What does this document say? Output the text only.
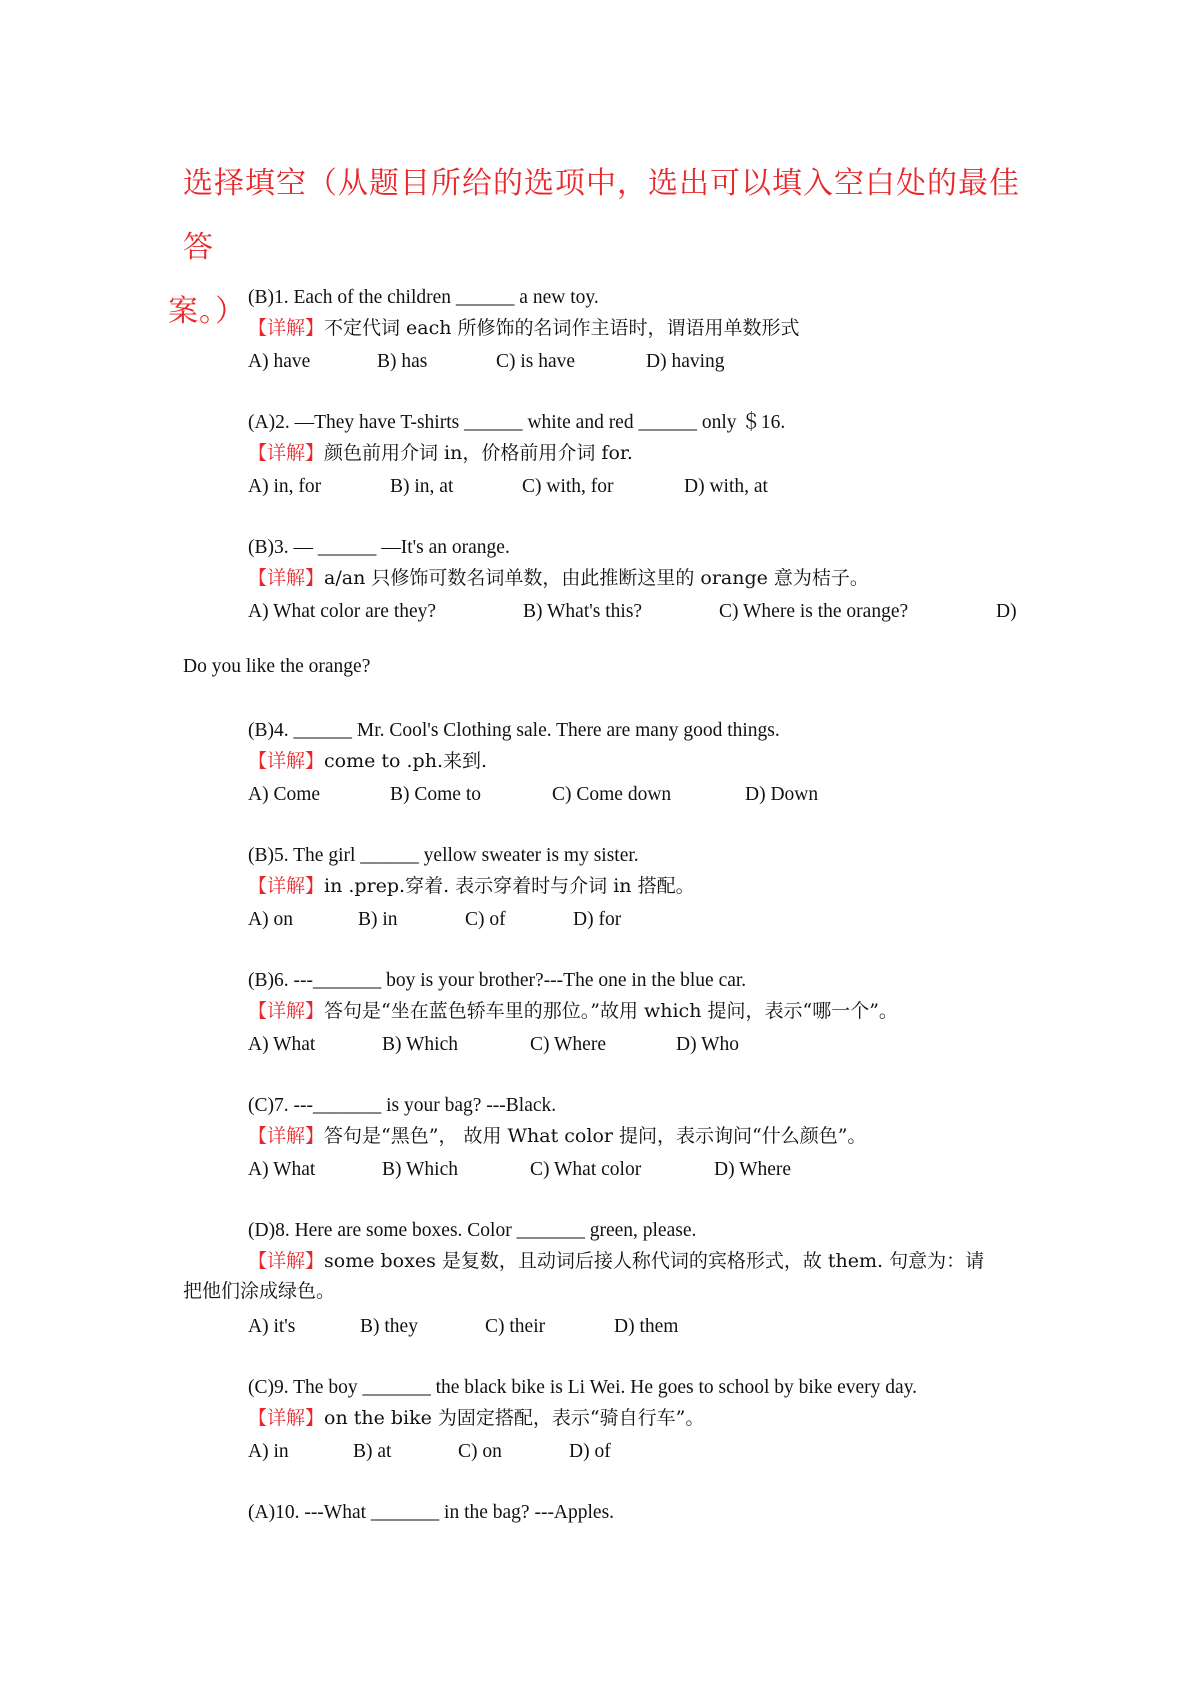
选择填空（从题目所给的选项中，选出可以填入空白处的最佳答
案。） (B)1. Each of the children ______ a new toy.
【详解】不定代词 each 所修饰的名词作主语时，谓语用单数形式
A) have	B) has	C) is have	D) having
(A)2. —They have T-shirts ______ white and red ______ only ＄16.
【详解】颜色前用介词 in，价格前用介词 for.
A) in, for	B) in, at	C) with, for	D) with, at
(B)3. — ______ —It's an orange.
【详解】a/an 只修饰可数名词单数，由此推断这里的 orange 意为桔子。
A) What color are they?	B) What's this?	C) Where is the orange?	D)
Do you like the orange?
(B)4. ______ Mr. Cool's Clothing sale. There are many good things.
【详解】come to .ph.来到.
A) Come	B) Come to	C) Come down	D) Down
(B)5. The girl ______ yellow sweater is my sister.
【详解】in .prep.穿着. 表示穿着时与介词 in 搭配。
A) on	B) in	C) of	D) for
(B)6. ---_______ boy is your brother?---The one in the blue car.
【详解】答句是“坐在蓝色轿车里的那位。”故用 which 提问，表示“哪一个”。
A) What	B) Which	C) Where	D) Who
(C)7. ---_______ is your bag? ---Black.
【详解】答句是“黑色”， 故用 What color 提问，表示询问“什么颜色”。
A) What	B) Which	C) What color	D) Where
(D)8. Here are some boxes. Color _______ green, please.
【详解】some boxes 是复数，且动词后接人称代词的宾格形式，故 them. 句意为：请
把他们涂成绿色。
A) it's	B) they	C) their	D) them
(C)9. The boy _______ the black bike is Li Wei. He goes to school by bike every day.
【详解】on the bike 为固定搭配，表示“骑自行车”。
A) in	B) at	C) on	D) of
(A)10. ---What _______ in the bag? ---Apples.
